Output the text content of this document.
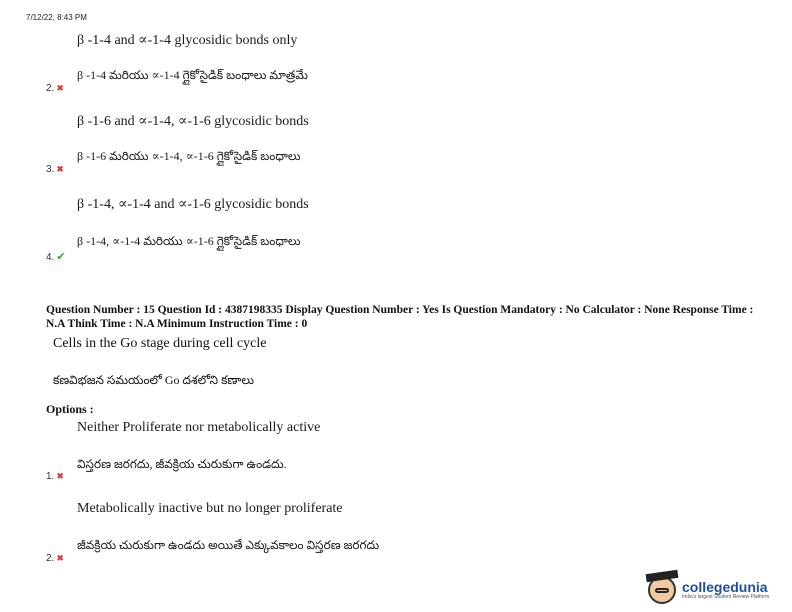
7/12/22, 8:43 PM
β -1-4 and ∝-1-4 glycosidic bonds only
β -1-4 మరియు ∝-1-4 గ్లైకోసైడిక్ బంధాలు మాత్రమే
2. ✖
β -1-6 and ∝-1-4, ∝-1-6 glycosidic bonds
β -1-6 మరియు ∝-1-4, ∝-1-6 గ్లైకోసైడిక్ బంధాలు
3. ✖
β -1-4, ∝-1-4 and ∝-1-6 glycosidic bonds
β -1-4, ∝-1-4 మరియు ∝-1-6 గ్లైకోసైడిక్ బంధాలు
4. ✔
Question Number : 15 Question Id : 4387198335 Display Question Number : Yes Is Question Mandatory : No Calculator : None Response Time : N.A Think Time : N.A Minimum Instruction Time : 0
Cells in the Go stage during cell cycle
కణవిభజన సమయంలో Go దశలోని కణాలు
Options :
Neither Proliferate nor metabolically active
విస్తరణ జరగదు, జీవక్రియ చురుకుగా ఉండదు.
1. ✖
Metabolically inactive but no longer proliferate
జీవక్రియ చురుకుగా ఉండదు అయితే ఎక్కువకాలం విస్తరణ జరగదు
2. ✖
collegedunia
India's largest Student Review Platform
